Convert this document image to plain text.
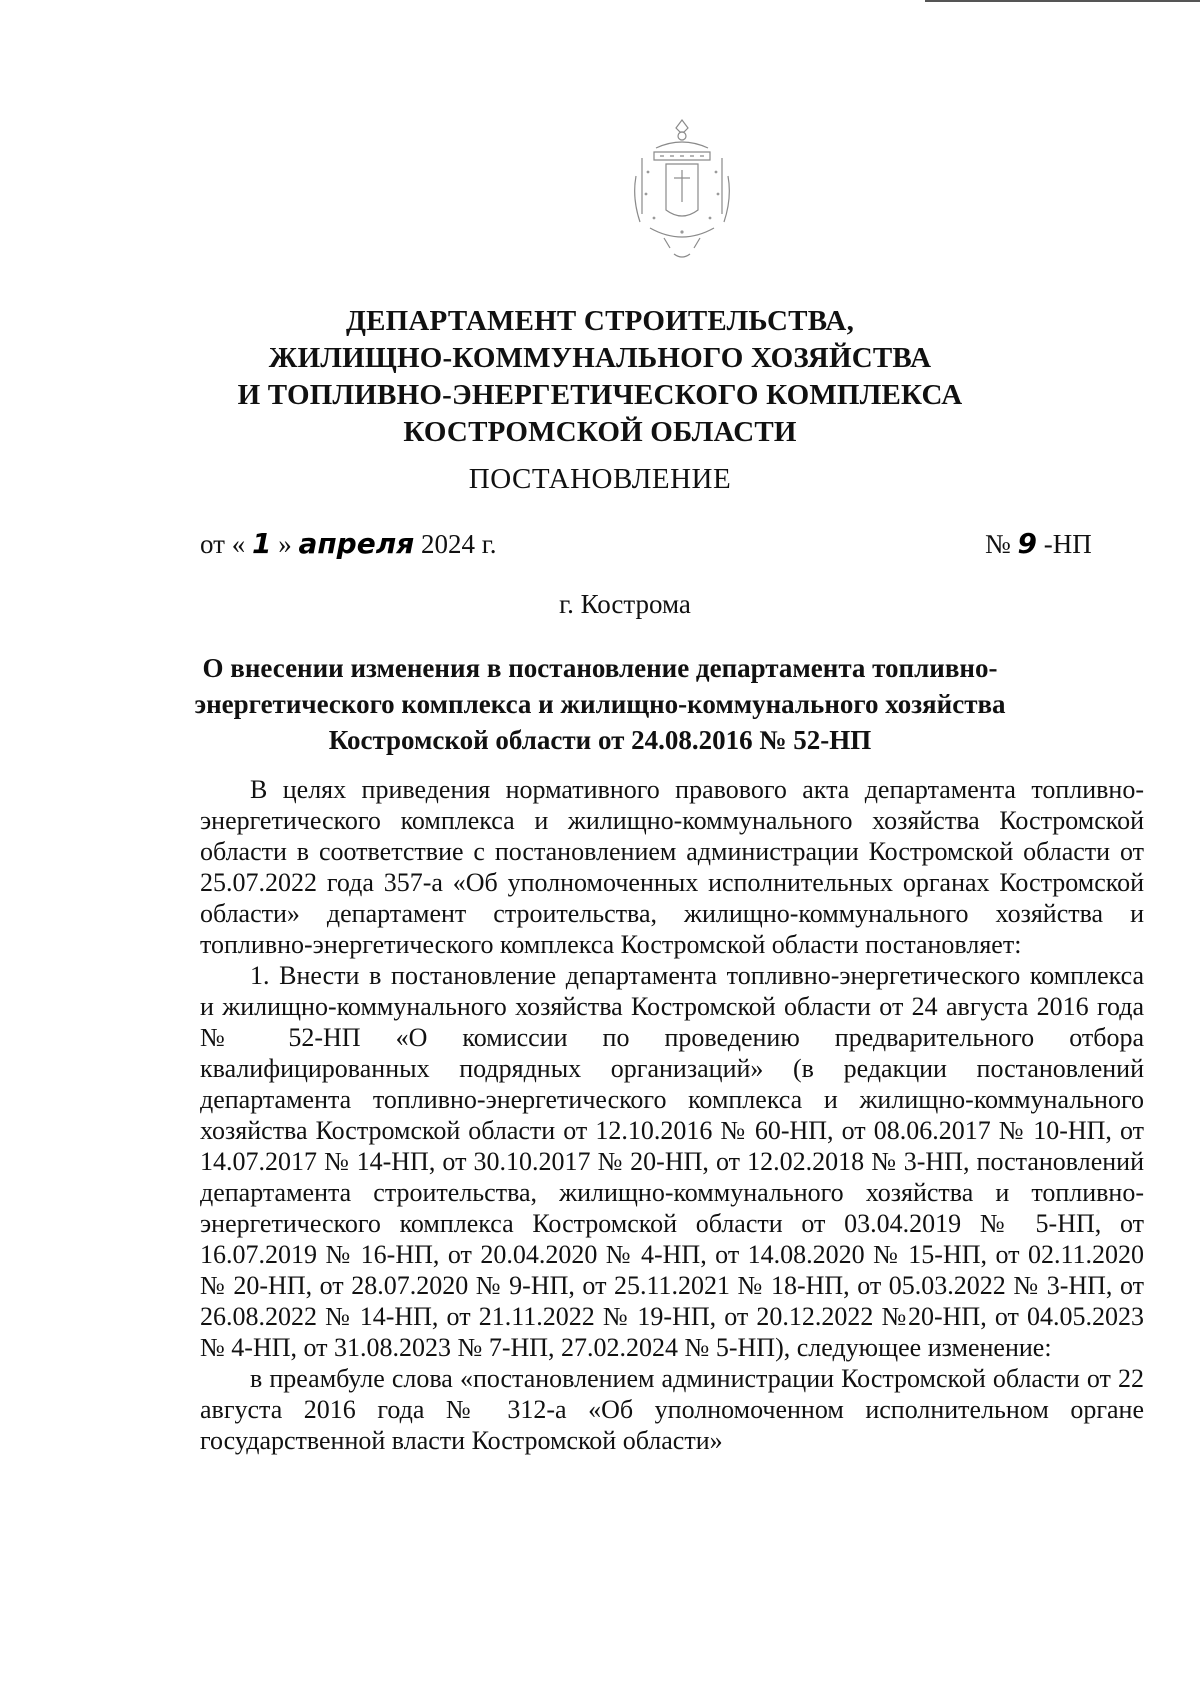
ДЕПАРТАМЕНТ СТРОИТЕЛЬСТВА,
ЖИЛИЩНО-КОММУНАЛЬНОГО ХОЗЯЙСТВА
И ТОПЛИВНО-ЭНЕРГЕТИЧЕСКОГО КОМПЛЕКСА
КОСТРОМСКОЙ ОБЛАСТИ
ПОСТАНОВЛЕНИЕ
от « 1 » апреля 2024 г.	№ 9 -НП
г. Кострома
О внесении изменения в постановление департамента топливно-
энергетического комплекса и жилищно-коммунального хозяйства
Костромской области от 24.08.2016 № 52-НП

В целях приведения нормативного правового акта департамента топливно-энергетического комплекса и жилищно-коммунального хозяйства Костромской области в соответствие с постановлением администрации Костромской области от 25.07.2022 года 357-а «Об уполномоченных исполнительных органах Костромской области» департамент строительства, жилищно-коммунального хозяйства и топливно-энергетического комплекса Костромской области постановляет:

1. Внести в постановление департамента топливно-энергетического комплекса и жилищно-коммунального хозяйства Костромской области от 24 августа 2016 года № 52-НП «О комиссии по проведению предварительного отбора квалифицированных подрядных организаций» (в редакции постановлений департамента топливно-энергетического комплекса и жилищно-коммунального хозяйства Костромской области от 12.10.2016 № 60-НП, от 08.06.2017 № 10-НП, от 14.07.2017 № 14-НП, от 30.10.2017 № 20-НП, от 12.02.2018 № 3-НП, постановлений департамента строительства, жилищно-коммунального хозяйства и топливно-энергетического комплекса Костромской области от 03.04.2019 № 5-НП, от 16.07.2019 № 16-НП, от 20.04.2020 № 4-НП, от 14.08.2020 № 15-НП, от 02.11.2020 № 20-НП, от 28.07.2020 № 9-НП, от 25.11.2021 № 18-НП, от 05.03.2022 № 3-НП, от 26.08.2022 № 14-НП, от 21.11.2022 № 19-НП, от 20.12.2022 №20-НП, от 04.05.2023 № 4-НП, от 31.08.2023 № 7-НП, 27.02.2024 № 5-НП), следующее изменение:

в преамбуле слова «постановлением администрации Костромской области от 22 августа 2016 года № 312-а «Об уполномоченном исполнительном органе государственной власти Костромской области»
